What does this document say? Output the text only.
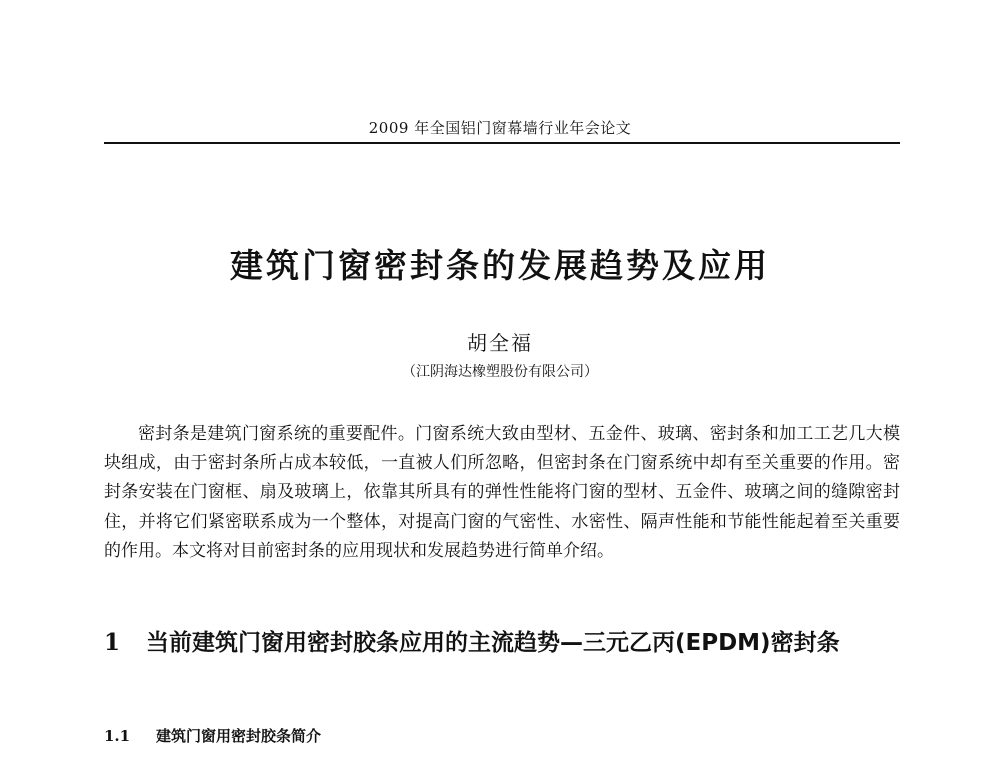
2009 年全国铝门窗幕墙行业年会论文
建筑门窗密封条的发展趋势及应用
胡全福
（江阴海达橡塑股份有限公司）

密封条是建筑门窗系统的重要配件。门窗系统大致由型材、五金件、玻璃、密封条和加工工艺几大模块组成，由于密封条所占成本较低，一直被人们所忽略，但密封条在门窗系统中却有至关重要的作用。密封条安装在门窗框、扇及玻璃上，依靠其所具有的弹性性能将门窗的型材、五金件、玻璃之间的缝隙密封住，并将它们紧密联系成为一个整体，对提高门窗的气密性、水密性、隔声性能和节能性能起着至关重要的作用。本文将对目前密封条的应用现状和发展趋势进行简单介绍。

1 当前建筑门窗用密封胶条应用的主流趋势—三元乙丙(EPDM)密封条
1.1 建筑门窗用密封胶条简介
